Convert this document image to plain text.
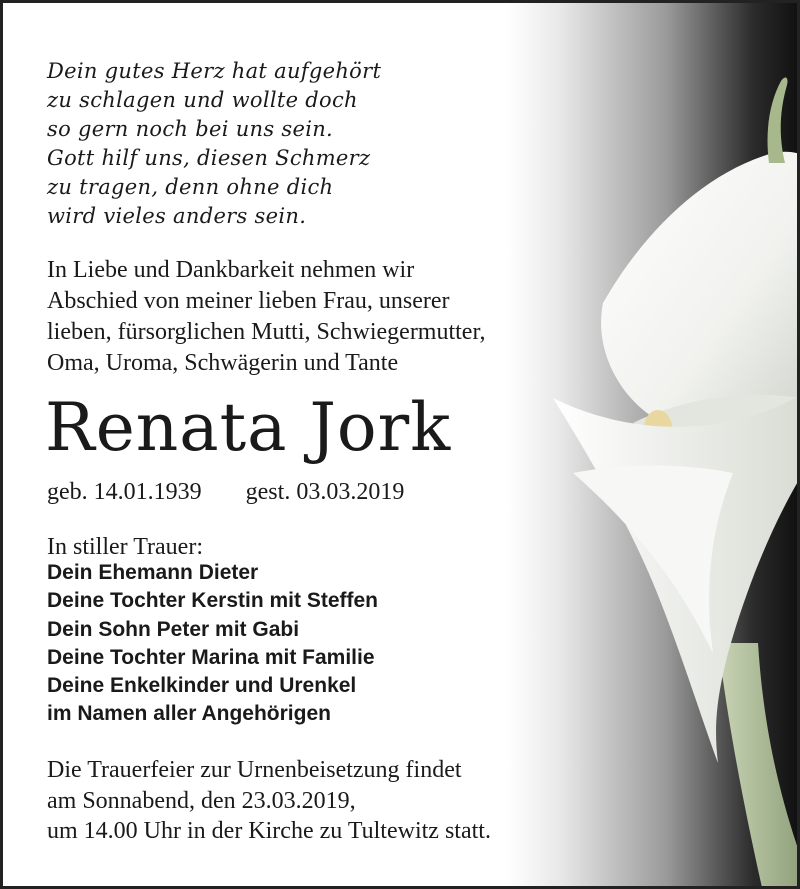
Dein gutes Herz hat aufgehört
zu schlagen und wollte doch
so gern noch bei uns sein.
Gott hilf uns, diesen Schmerz
zu tragen, denn ohne dich
wird vieles anders sein.
In Liebe und Dankbarkeit nehmen wir
Abschied von meiner lieben Frau, unserer
lieben, fürsorglichen Mutti, Schwiegermutter,
Oma, Uroma, Schwägerin und Tante
Renata Jork
geb. 14.01.1939 gest. 03.03.2019
In stiller Trauer:
Dein Ehemann Dieter
Deine Tochter Kerstin mit Steffen
Dein Sohn Peter mit Gabi
Deine Tochter Marina mit Familie
Deine Enkelkinder und Urenkel
im Namen aller Angehörigen
Die Trauerfeier zur Urnenbeisetzung findet
am Sonnabend, den 23.03.2019,
um 14.00 Uhr in der Kirche zu Tultewitz statt.
